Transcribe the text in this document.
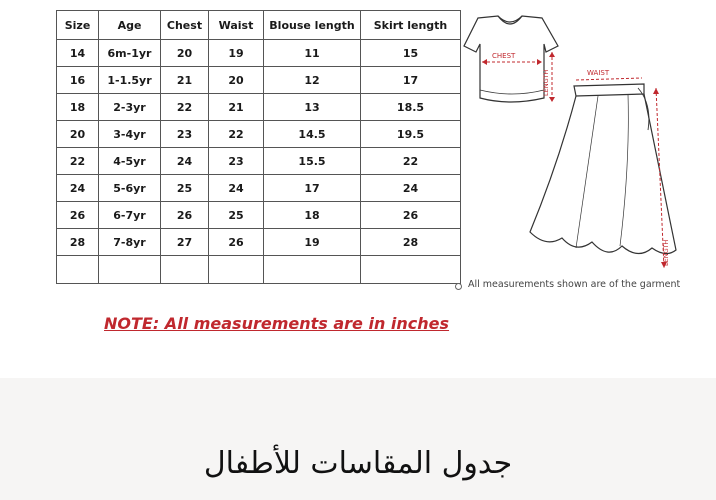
Size	Age	Chest	Waist	Blouse length	Skirt length
14	6m-1yr	20	19	11	15
16	1-1.5yr	21	20	12	17
18	2-3yr	22	21	13	18.5
20	3-4yr	23	22	14.5	19.5
22	4-5yr	24	23	15.5	22
24	5-6yr	25	24	17	24
26	6-7yr	26	25	18	26
28	7-8yr	27	26	19	28

CHEST
LENGTH	WAIST
LENGTH
All measurements shown are of the garment
NOTE: All measurements are in inches
جدول المقاسات للأطفال
